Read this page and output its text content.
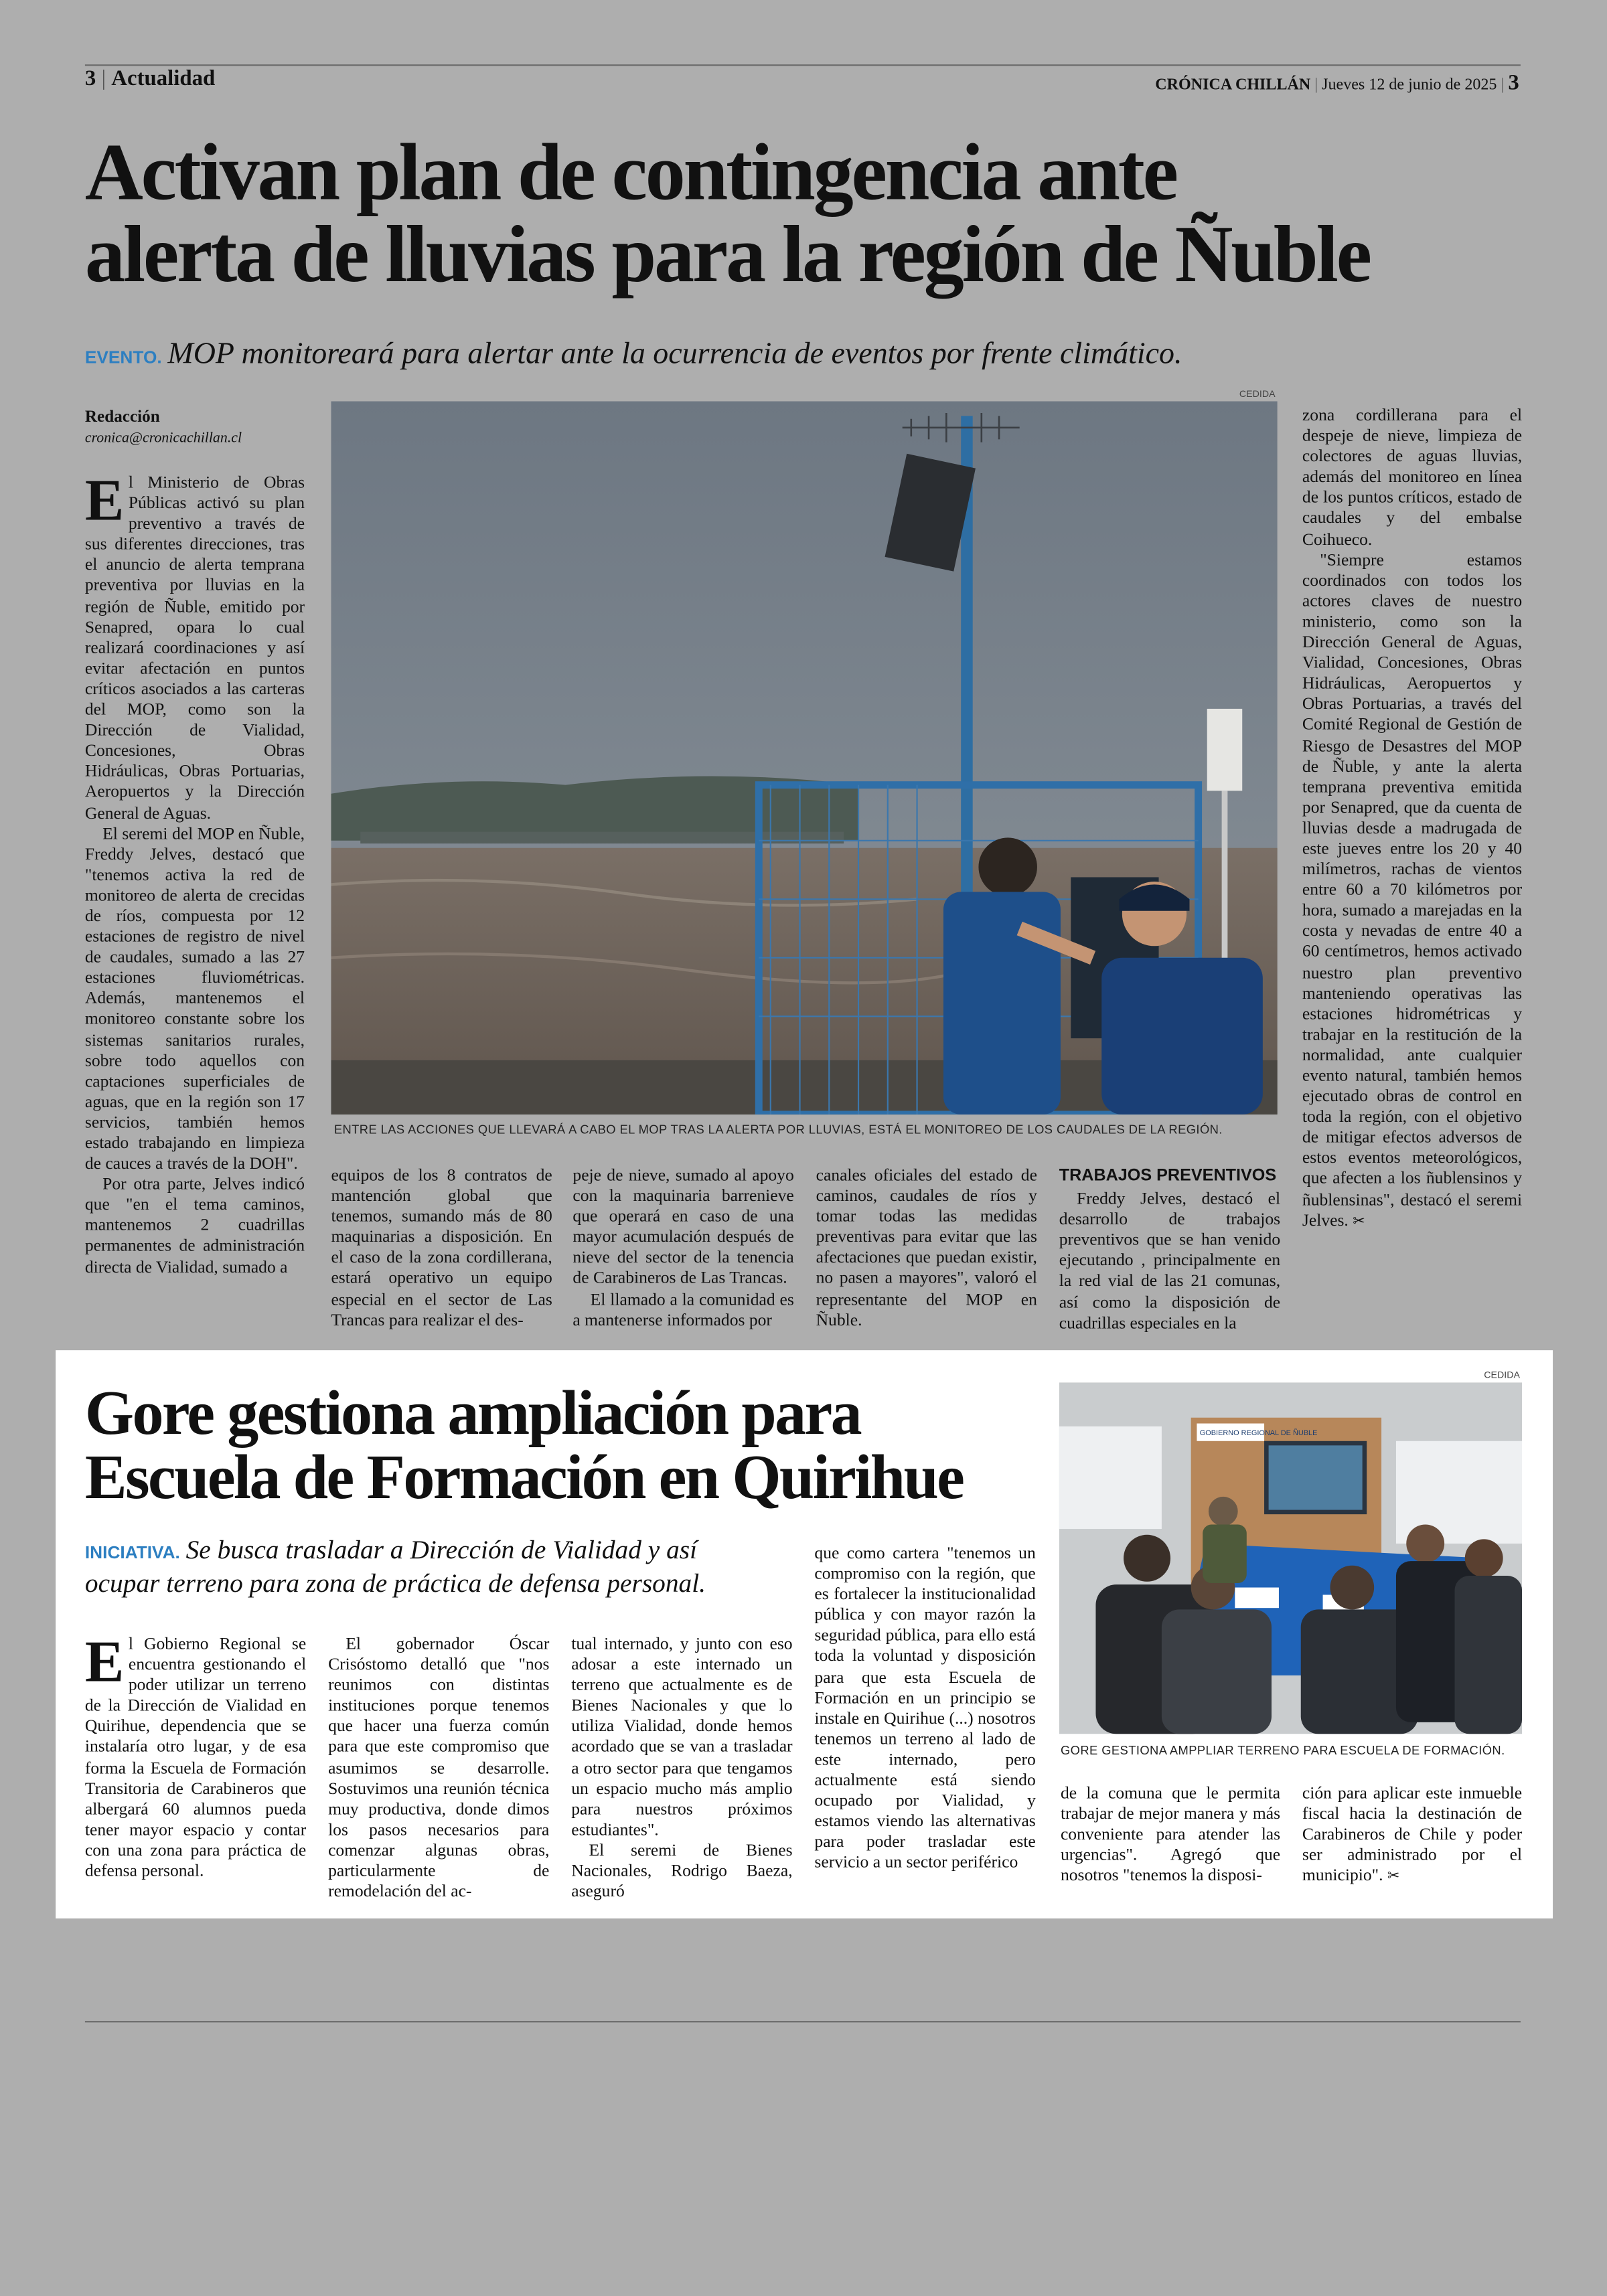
3 | Actualidad	CRÓNICA CHILLÁN | Jueves 12 de junio de 2025 | 3
Activan plan de contingencia ante
alerta de lluvias para la región de Ñuble
EVENTO. MOP monitoreará para alertar ante la ocurrencia de eventos por frente climático.
Redacción
cronica@cronicachillan.cl
CEDIDA
ENTRE LAS ACCIONES QUE LLEVARÁ A CABO EL MOP TRAS LA ALERTA POR LLUVIAS, ESTÁ EL MONITOREO DE LOS CAUDALES DE LA REGIÓN.

El Ministerio de Obras Públicas activó su plan preventivo a través de sus diferentes direcciones, tras el anuncio de alerta temprana preventiva por lluvias en la región de Ñuble, emitido por Senapred, opara lo cual realizará coordinaciones y así evitar afectación en puntos críticos asociados a las carteras del MOP, como son la Dirección de Vialidad, Concesiones, Obras Hidráulicas, Obras Portuarias, Aeropuertos y la Dirección General de Aguas.

El seremi del MOP en Ñuble, Freddy Jelves, destacó que "tenemos activa la red de monitoreo de alerta de crecidas de ríos, compuesta por 12 estaciones de registro de nivel de caudales, sumado a las 27 estaciones fluviométricas. Además, mantenemos el monitoreo constante sobre los sistemas sanitarios rurales, sobre todo aquellos con captaciones superficiales de aguas, que en la región son 17 servicios, también hemos estado trabajando en limpieza de cauces a través de la DOH".

Por otra parte, Jelves indicó que "en el tema caminos, mantenemos 2 cuadrillas permanentes de administración directa de Vialidad, sumado a

equipos de los 8 contratos de mantención global que tenemos, sumando más de 80 maquinarias a disposición. En el caso de la zona cordillerana, estará operativo un equipo especial en el sector de Las Trancas para realizar el des-

peje de nieve, sumado al apoyo con la maquinaria barrenieve que operará en caso de una mayor acumulación después de nieve del sector de la tenencia de Carabineros de Las Trancas.

El llamado a la comunidad es a mantenerse informados por

canales oficiales del estado de caminos, caudales de ríos y tomar todas las medidas preventivas para evitar que las afectaciones que puedan existir, no pasen a mayores", valoró el representante del MOP en Ñuble.

TRABAJOS PREVENTIVOS

Freddy Jelves, destacó el desarrollo de trabajos preventivos que se han venido ejecutando , principalmente en la red vial de las 21 comunas, así como la disposición de cuadrillas especiales en la

zona cordillerana para el despeje de nieve, limpieza de colectores de aguas lluvias, además del monitoreo en línea de los puntos críticos, estado de caudales y del embalse Coihueco.

"Siempre estamos coordinados con todos los actores claves de nuestro ministerio, como son la Dirección General de Aguas, Vialidad, Concesiones, Obras Hidráulicas, Aeropuertos y Obras Portuarias, a través del Comité Regional de Gestión de Riesgo de Desastres del MOP de Ñuble, y ante la alerta temprana preventiva emitida por Senapred, que da cuenta de lluvias desde a madrugada de este jueves entre los 20 y 40 milímetros, rachas de vientos entre 60 a 70 kilómetros por hora, sumado a marejadas en la costa y nevadas de entre 40 a 60 centímetros, hemos activado nuestro plan preventivo manteniendo operativas las estaciones hidrométricas y trabajar en la restitución de la normalidad, ante cualquier evento natural, también hemos ejecutado obras de control en toda la región, con el objetivo de mitigar efectos adversos de estos eventos meteorológicos, que afecten a los ñublensinos y ñublensinas", destacó el seremi Jelves. ✂

Gore gestiona ampliación para
Escuela de Formación en Quirihue
INICIATIVA. Se busca trasladar a Dirección de Vialidad y así
ocupar terreno para zona de práctica de defensa personal.

El Gobierno Regional se encuentra gestionando el poder utilizar un terreno de la Dirección de Vialidad en Quirihue, dependencia que se instalaría otro lugar, y de esa forma la Escuela de Formación Transitoria de Carabineros que albergará 60 alumnos pueda tener mayor espacio y contar con una zona para práctica de defensa personal.

El gobernador Óscar Crisóstomo detalló que "nos reunimos con distintas instituciones porque tenemos que hacer una fuerza común para que este compromiso que asumimos se desarrolle. Sostuvimos una reunión técnica muy productiva, donde dimos los pasos necesarios para comenzar algunas obras, particularmente de remodelación del ac-

tual internado, y junto con eso adosar a este internado un terreno que actualmente es de Bienes Nacionales y que lo utiliza Vialidad, donde hemos acordado que se van a trasladar a otro sector para que tengamos un espacio mucho más amplio para nuestros próximos estudiantes".

El seremi de Bienes Nacionales, Rodrigo Baeza, aseguró

que como cartera "tenemos un compromiso con la región, que es fortalecer la institucionalidad pública y con mayor razón la seguridad pública, para ello está toda la voluntad y disposición para que esta Escuela de Formación en un principio se instale en Quirihue (...) nosotros tenemos un terreno al lado de este internado, pero actualmente está siendo ocupado por Vialidad, y estamos viendo las alternativas para poder trasladar este servicio a un sector periférico

CEDIDA
GOBIERNO REGIONAL DE ÑUBLE
GORE GESTIONA AMPPLIAR TERRENO PARA ESCUELA DE FORMACIÓN.

de la comuna que le permita trabajar de mejor manera y más conveniente para atender las urgencias". Agregó que nosotros "tenemos la disposi-

ción para aplicar este inmueble fiscal hacia la destinación de Carabineros de Chile y poder ser administrado por el municipio". ✂
